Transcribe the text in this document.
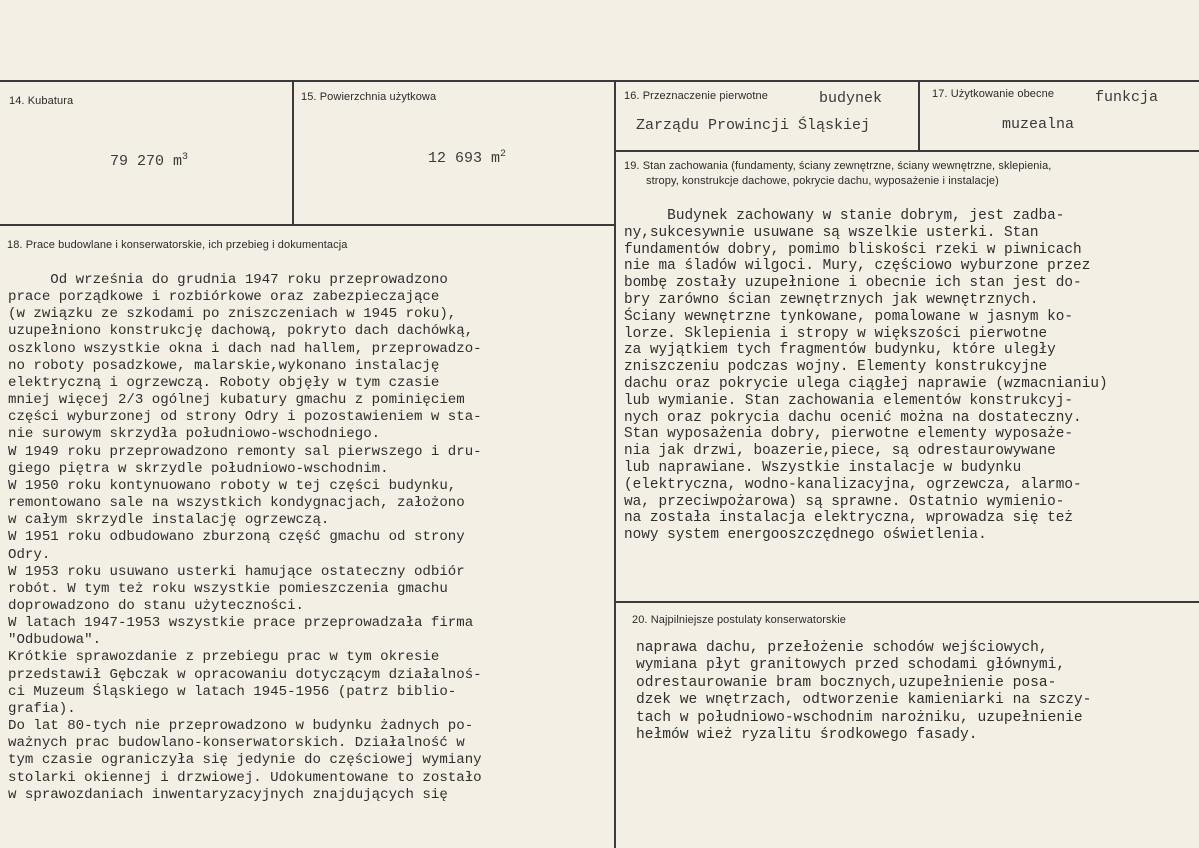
14. Kubatura

79 270 $m^3$

15. Powierzchnia użytkowa

12 693 $m^2$

16. Przeznaczenie pierwotne	budynek
Zarządu Prowincji Śląskiej
17. Użytkowanie obecne	funkcja
muzealna
19. Stan zachowania (fundamenty, ściany zewnętrzne, ściany wewnętrzne, sklepienia,
stropy, konstrukcje dachowe, pokrycie dachu, wyposażenie i instalacje)
Budynek zachowany w stanie dobrym, jest zadba-
ny,sukcesywnie usuwane są wszelkie usterki. Stan
fundamentów dobry, pomimo bliskości rzeki w piwnicach
nie ma śladów wilgoci. Mury, częściowo wyburzone przez
bombę zostały uzupełnione i obecnie ich stan jest do-
bry zarówno ścian zewnętrznych jak wewnętrznych.
Ściany wewnętrzne tynkowane, pomalowane w jasnym ko-
lorze. Sklepienia i stropy w większości pierwotne
za wyjątkiem tych fragmentów budynku, które uległy
zniszczeniu podczas wojny. Elementy konstrukcyjne
dachu oraz pokrycie ulega ciągłej naprawie (wzmacnianiu)
lub wymianie. Stan zachowania elementów konstrukcyj-
nych oraz pokrycia dachu ocenić można na dostateczny.
Stan wyposażenia dobry, pierwotne elementy wyposaże-
nia jak drzwi, boazerie,piece, są odrestaurowywane
lub naprawiane. Wszystkie instalacje w budynku
(elektryczna, wodno-kanalizacyjna, ogrzewcza, alarmo-
wa, przeciwpożarowa) są sprawne. Ostatnio wymienio-
na została instalacja elektryczna, wprowadza się też
nowy system energooszczędnego oświetlenia.
18. Prace budowlane i konserwatorskie, ich przebieg i dokumentacja
Od września do grudnia 1947 roku przeprowadzono
prace porządkowe i rozbiórkowe oraz zabezpieczające
(w związku ze szkodami po zniszczeniach w 1945 roku),
uzupełniono konstrukcję dachową, pokryto dach dachówką,
oszklono wszystkie okna i dach nad hallem, przeprowadzo-
no roboty posadzkowe, malarskie,wykonano instalację
elektryczną i ogrzewczą. Roboty objęły w tym czasie
mniej więcej 2/3 ogólnej kubatury gmachu z pominięciem
części wyburzonej od strony Odry i pozostawieniem w sta-
nie surowym skrzydła południowo-wschodniego.
W 1949 roku przeprowadzono remonty sal pierwszego i dru-
giego piętra w skrzydle południowo-wschodnim.
W 1950 roku kontynuowano roboty w tej części budynku,
remontowano sale na wszystkich kondygnacjach, założono
w całym skrzydle instalację ogrzewczą.
W 1951 roku odbudowano zburzoną część gmachu od strony
Odry.
W 1953 roku usuwano usterki hamujące ostateczny odbiór
robót. W tym też roku wszystkie pomieszczenia gmachu
doprowadzono do stanu użyteczności.
W latach 1947-1953 wszystkie prace przeprowadzała firma
"Odbudowa".
Krótkie sprawozdanie z przebiegu prac w tym okresie
przedstawił Gębczak w opracowaniu dotyczącym działalnoś-
ci Muzeum Śląskiego w latach 1945-1956 (patrz biblio-
grafia).
Do lat 80-tych nie przeprowadzono w budynku żadnych po-
ważnych prac budowlano-konserwatorskich. Działalność w
tym czasie ograniczyła się jedynie do częściowej wymiany
stolarki okiennej i drzwiowej. Udokumentowane to zostało
w sprawozdaniach inwentaryzacyjnych znajdujących się
20. Najpilniejsze postulaty konserwatorskie
naprawa dachu, przełożenie schodów wejściowych,
wymiana płyt granitowych przed schodami głównymi,
odrestaurowanie bram bocznych,uzupełnienie posa-
dzek we wnętrzach, odtworzenie kamieniarki na szczy-
tach w południowo-wschodnim narożniku, uzupełnienie
hełmów wież ryzalitu środkowego fasady.
